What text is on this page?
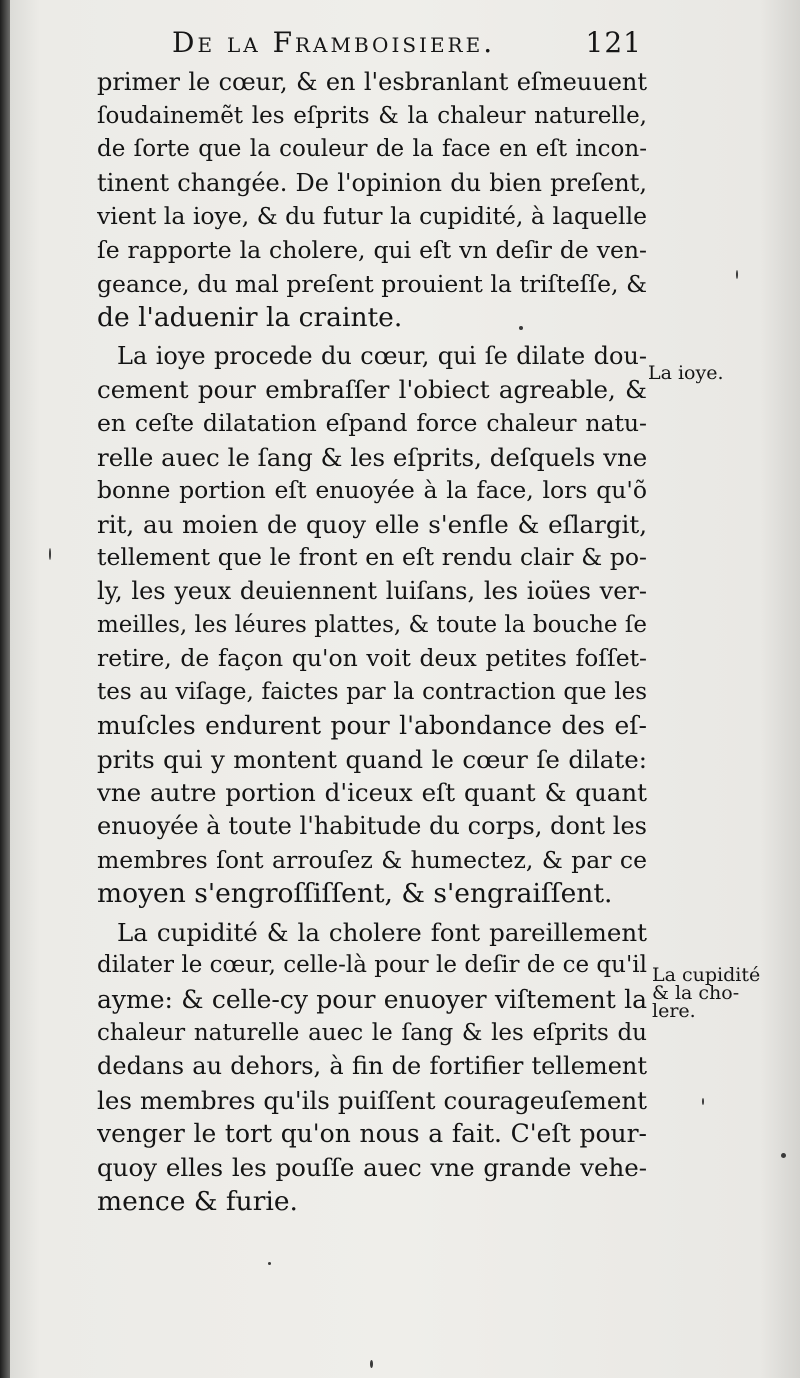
De la Framboisiere.	121
primer le cœur, & en l'esbranlant eſmeuuent
ſoudainemẽt les eſprits & la chaleur naturelle,
de ſorte que la couleur de la face en eſt incon-
tinent changée. De l'opinion du bien preſent,
vient la ioye, & du futur la cupidité, à laquelle
ſe rapporte la cholere, qui eſt vn deſir de ven-
geance, du mal preſent prouient la triſteſſe, &
de l'aduenir la crainte.
La ioye procede du cœur, qui ſe dilate dou-
cement pour embraſſer l'obiect agreable, &
en ceſte dilatation eſpand force chaleur natu-
relle auec le ſang & les eſprits, deſquels vne
bonne portion eſt enuoyée à la face, lors qu'õ
rit, au moien de quoy elle s'enfle & eſlargit,
tellement que le front en eſt rendu clair & po-
ly, les yeux deuiennent luiſans, les ioües ver-
meilles, les léures plattes, & toute la bouche ſe
retire, de façon qu'on voit deux petites foſſet-
tes au viſage, faictes par la contraction que les
muſcles endurent pour l'abondance des eſ-
prits qui y montent quand le cœur ſe dilate:
vne autre portion d'iceux eſt quant & quant
enuoyée à toute l'habitude du corps, dont les
membres ſont arrouſez & humectez, & par ce
moyen s'engroſſiſſent, & s'engraiſſent.
La cupidité & la cholere font pareillement
dilater le cœur, celle-là pour le deſir de ce qu'il
ayme: & celle-cy pour enuoyer viſtement la
chaleur naturelle auec le ſang & les eſprits du
dedans au dehors, à fin de fortifier tellement
les membres qu'ils puiſſent courageuſement
venger le tort qu'on nous a fait. C'eſt pour-
quoy elles les pouſſe auec vne grande vehe-
mence & furie.
La ioye.
La cupidité
& la cho-
lere.
